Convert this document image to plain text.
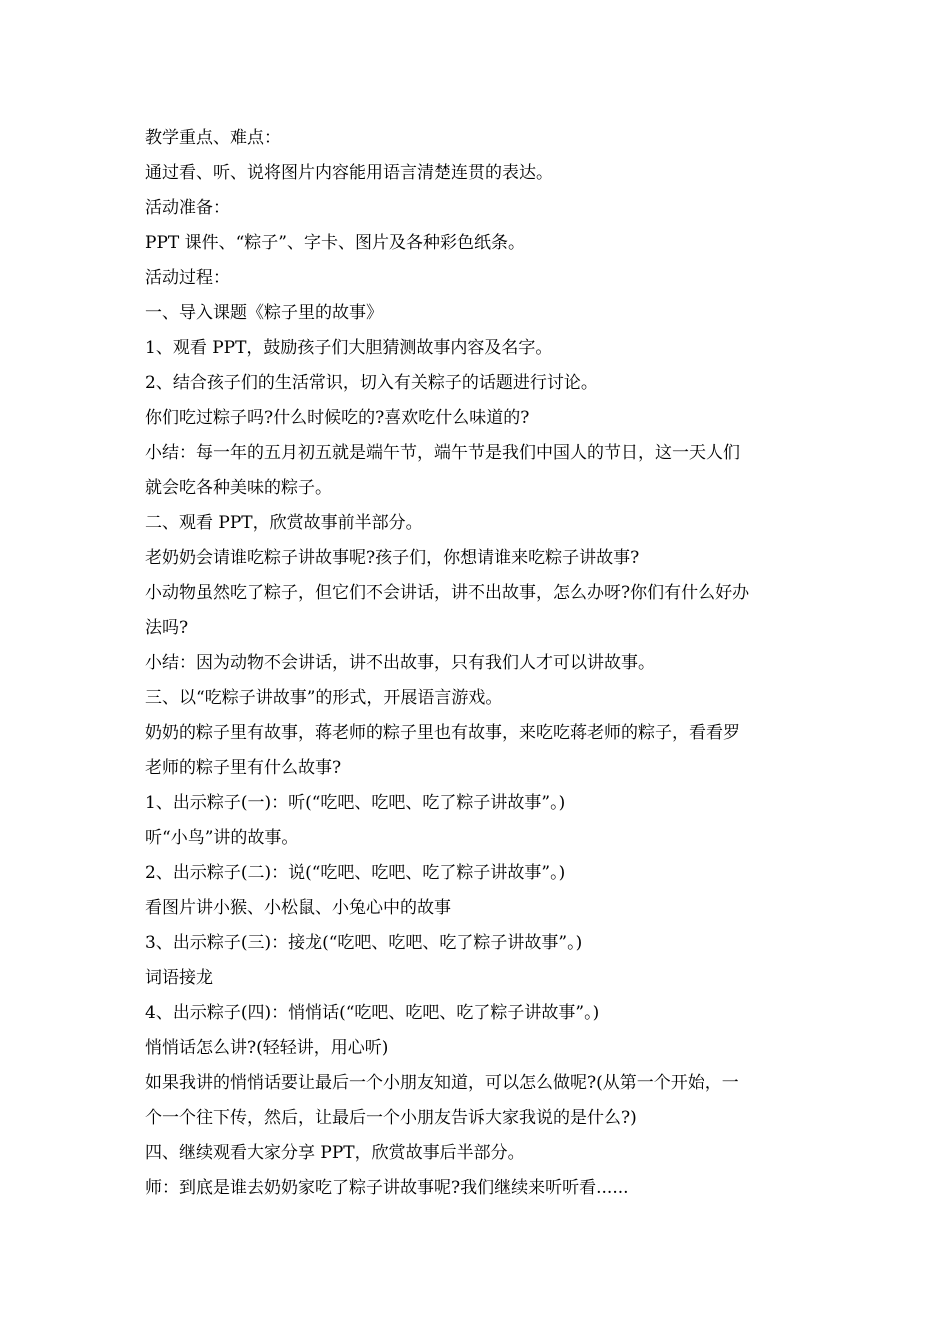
教学重点、难点：
通过看、听、说将图片内容能用语言清楚连贯的表达。
活动准备：
PPT 课件、“粽子”、字卡、图片及各种彩色纸条。
活动过程：
一、导入课题《粽子里的故事》
1、观看 PPT，鼓励孩子们大胆猜测故事内容及名字。
2、结合孩子们的生活常识，切入有关粽子的话题进行讨论。
你们吃过粽子吗?什么时候吃的?喜欢吃什么味道的?
小结：每一年的五月初五就是端午节，端午节是我们中国人的节日，这一天人们
就会吃各种美味的粽子。
二、观看 PPT，欣赏故事前半部分。
老奶奶会请谁吃粽子讲故事呢?孩子们，你想请谁来吃粽子讲故事?
小动物虽然吃了粽子，但它们不会讲话，讲不出故事，怎么办呀?你们有什么好办
法吗?
小结：因为动物不会讲话，讲不出故事，只有我们人才可以讲故事。
三、以“吃粽子讲故事”的形式，开展语言游戏。
奶奶的粽子里有故事，蒋老师的粽子里也有故事，来吃吃蒋老师的粽子，看看罗
老师的粽子里有什么故事?
1、出示粽子(一)：听(“吃吧、吃吧、吃了粽子讲故事”。)
听“小鸟”讲的故事。
2、出示粽子(二)：说(“吃吧、吃吧、吃了粽子讲故事”。)
看图片讲小猴、小松鼠、小兔心中的故事
3、出示粽子(三)：接龙(“吃吧、吃吧、吃了粽子讲故事”。)
词语接龙
4、出示粽子(四)：悄悄话(“吃吧、吃吧、吃了粽子讲故事”。)
悄悄话怎么讲?(轻轻讲，用心听)
如果我讲的悄悄话要让最后一个小朋友知道，可以怎么做呢?(从第一个开始，一
个一个往下传，然后，让最后一个小朋友告诉大家我说的是什么?)
四、继续观看大家分享 PPT，欣赏故事后半部分。
师：到底是谁去奶奶家吃了粽子讲故事呢?我们继续来听听看......
